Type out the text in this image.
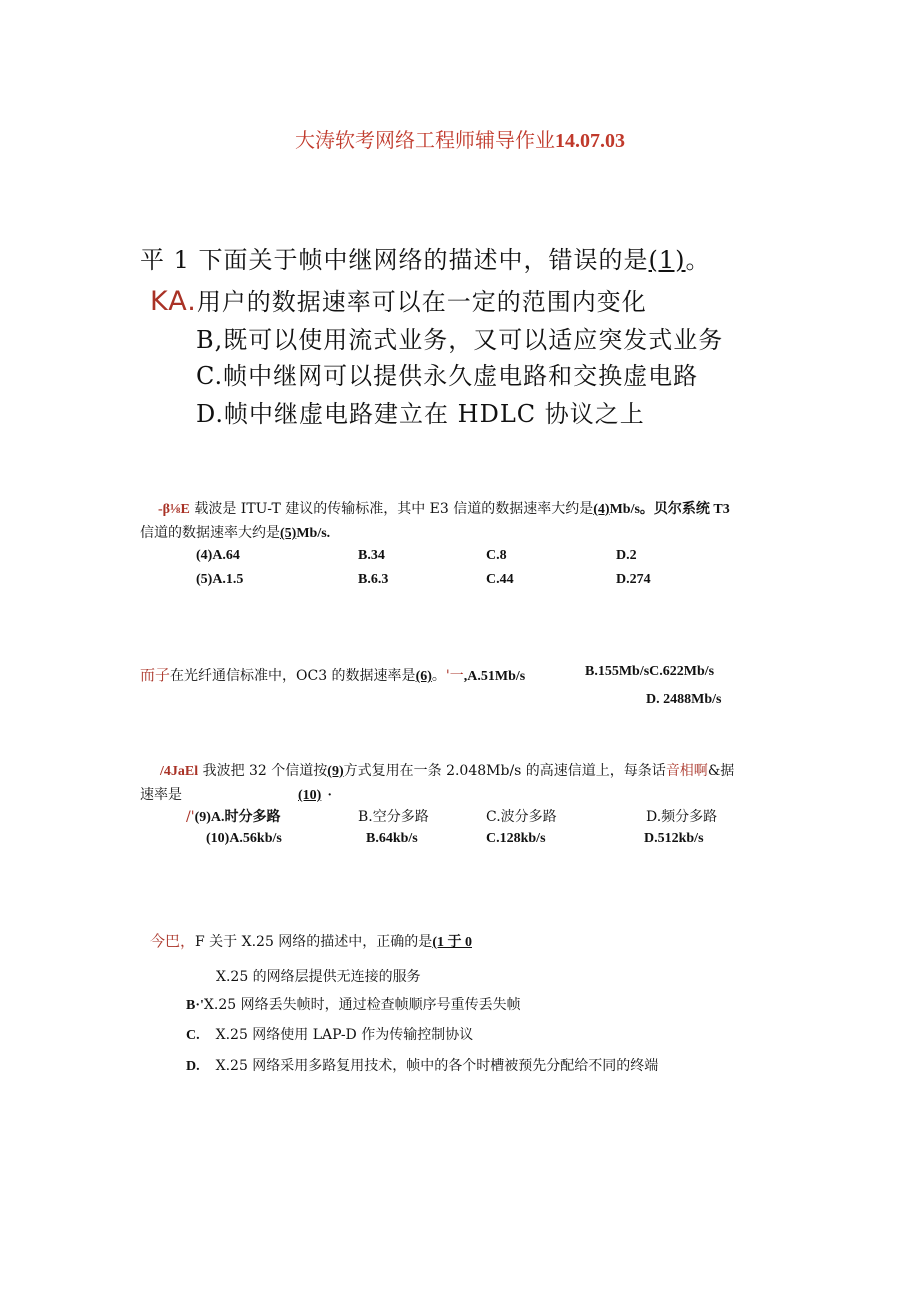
大涛软考网络工程师辅导作业14.07.03
平 1 下面关于帧中继网络的描述中，错误的是(1)。
KA.用户的数据速率可以在一定的范围内变化
B,既可以使用流式业务，又可以适应突发式业务
C.帧中继网可以提供永久虚电路和交换虚电路
D.帧中继虚电路建立在 HDLC 协议之上
-β⅛E 载波是 ITU-T 建议的传输标准，其中 E3 信道的数据速率大约是(4)Mb/s。贝尔系统 T3
信道的数据速率大约是(5)Mb/s.
(4)A.64	B.34	C.8	D.2
(5)A.1.5	B.6.3	C.44	D.274
而子在光纤通信标准中，OC3 的数据速率是(6)。'一,A.51Mb/s	B.155Mb/sC.622Mb/s
D. 2488Mb/s
/4JaEl 我波把 32 个信道按(9)方式复用在一条 2.048Mb/s 的高速信道上，每条话音相啊&据
速率是	(10) ·
/'(9)A.时分多路	B.空分多路	C.波分多路	D.频分多路
(10)A.56kb/s	B.64kb/s	C.128kb/s	D.512kb/s
今巴，F 关于 X.25 网络的描述中，正确的是(1 于 0
X.25 的网络层提供无连接的服务
B·'X.25 网络丢失帧时，通过检查帧顺序号重传丢失帧
C. X.25 网络使用 LAP-D 作为传输控制协议
D. X.25 网络采用多路复用技术，帧中的各个时槽被预先分配给不同的终端
